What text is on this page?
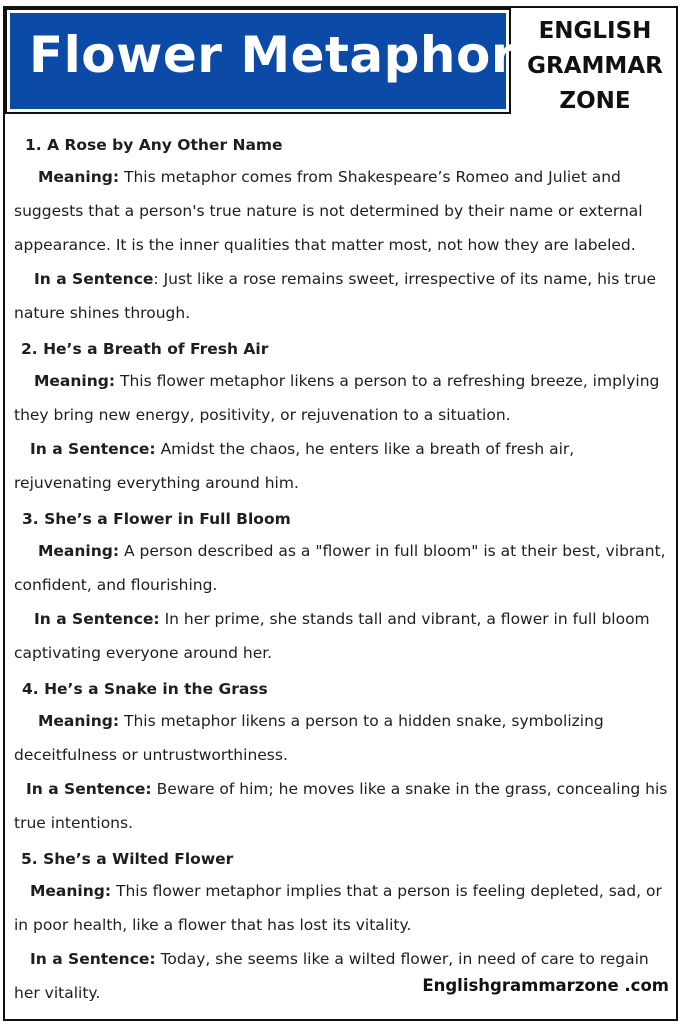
Flower Metaphors
ENGLISH
GRAMMAR
ZONE
1. A Rose by Any Other Name
Meaning: This metaphor comes from Shakespeare’s Romeo and Juliet and suggests that a person's true nature is not determined by their name or external appearance. It is the inner qualities that matter most, not how they are labeled.
In a Sentence: Just like a rose remains sweet, irrespective of its name, his true nature shines through.
2. He’s a Breath of Fresh Air
Meaning: This flower metaphor likens a person to a refreshing breeze, implying they bring new energy, positivity, or rejuvenation to a situation.
In a Sentence: Amidst the chaos, he enters like a breath of fresh air, rejuvenating everything around him.
3. She’s a Flower in Full Bloom
Meaning: A person described as a "flower in full bloom" is at their best, vibrant, confident, and flourishing.
In a Sentence: In her prime, she stands tall and vibrant, a flower in full bloom captivating everyone around her.
4. He’s a Snake in the Grass
Meaning: This metaphor likens a person to a hidden snake, symbolizing deceitfulness or untrustworthiness.
In a Sentence: Beware of him; he moves like a snake in the grass, concealing his true intentions.
5. She’s a Wilted Flower
Meaning: This flower metaphor implies that a person is feeling depleted, sad, or in poor health, like a flower that has lost its vitality.
In a Sentence: Today, she seems like a wilted flower, in need of care to regain her vitality.	Englishgrammarzone .com
